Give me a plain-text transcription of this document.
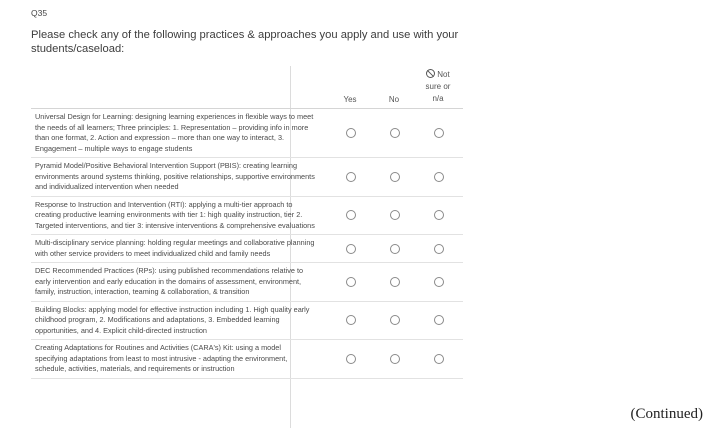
Q35
Please check any of the following practices & approaches you apply and use with your students/caseload:
Yes	No
Not
sure or
n/a
Universal Design for Learning: designing learning experiences in flexible ways to meet the needs of all learners; Three principles: 1. Representation – providing info in more than one format, 2. Action and expression – more than one way to interact, 3. Engagement – multiple ways to engage students
Pyramid Model/Positive Behavioral Intervention Support (PBIS): creating learning environments around systems thinking, positive relationships, supportive environments and individualized intervention when needed
Response to Instruction and Intervention (RTI): applying a multi-tier approach to creating productive learning environments with tier 1: high quality instruction, tier 2. Targeted interventions, and tier 3: intensive interventions & comprehensive evaluations
Multi-disciplinary service planning: holding regular meetings and collaborative planning with other service providers to meet individualized child and family needs
DEC Recommended Practices (RPs): using published recommendations relative to early intervention and early education in the domains of assessment, environment, family, instruction, interaction, teaming & collaboration, & transition
Building Blocks: applying model for effective instruction including 1. High quality early childhood program, 2. Modifications and adaptations, 3. Embedded learning opportunities, and 4. Explicit child-directed instruction
Creating Adaptations for Routines and Activities (CARA's) Kit: using a model specifying adaptations from least to most intrusive - adapting the environment, schedule, activities, materials, and requirements or instruction
(Continued)
